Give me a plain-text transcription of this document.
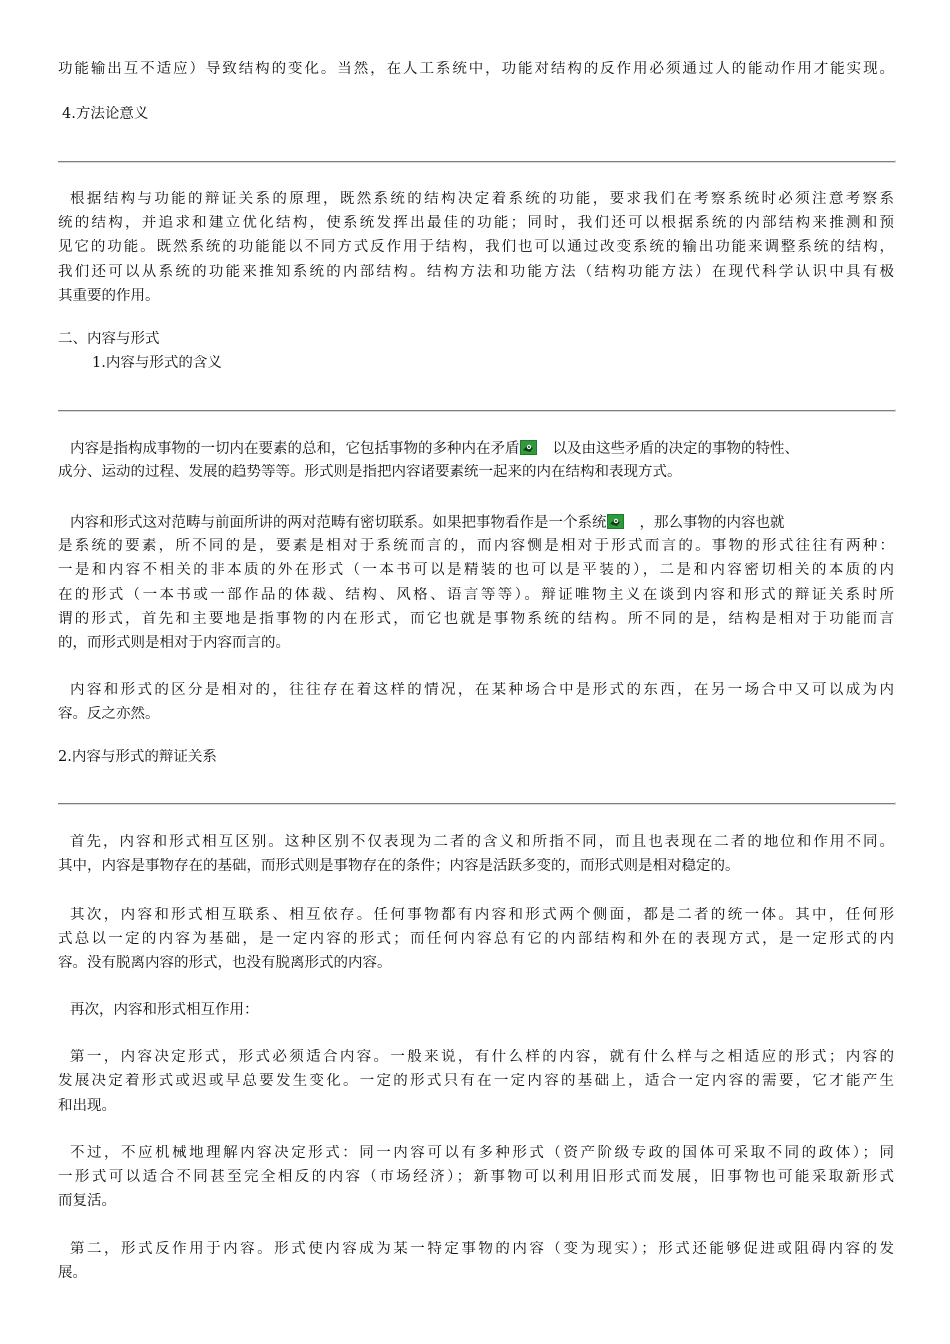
功能输出互不适应）导致结构的变化。当然，在人工系统中，功能对结构的反作用必须通过人的能动作用才能实现。
4.方法论意义
根据结构与功能的辩证关系的原理，既然系统的结构决定着系统的功能，要求我们在考察系统时必须注意考察系
统的结构，并追求和建立优化结构，使系统发挥出最佳的功能；同时，我们还可以根据系统的内部结构来推测和预
见它的功能。既然系统的功能能以不同方式反作用于结构，我们也可以通过改变系统的输出功能来调整系统的结构，
我们还可以从系统的功能来推知系统的内部结构。结构方法和功能方法（结构功能方法）在现代科学认识中具有极
其重要的作用。
二、内容与形式
1.内容与形式的含义
内容是指构成事物的一切内在要素的总和，它包括事物的多种内在矛盾 以及由这些矛盾的决定的事物的特性、
成分、运动的过程、发展的趋势等等。形式则是指把内容诸要素统一起来的内在结构和表现方式。
内容和形式这对范畴与前面所讲的两对范畴有密切联系。如果把事物看作是一个系统 ，那么事物的内容也就
是系统的要素，所不同的是，要素是相对于系统而言的，而内容恻是相对于形式而言的。事物的形式往往有两种：
一是和内容不相关的非本质的外在形式（一本书可以是精装的也可以是平装的），二是和内容密切相关的本质的内
在的形式（一本书或一部作品的体裁、结构、风格、语言等等）。辩证唯物主义在谈到内容和形式的辩证关系时所
谓的形式，首先和主要地是指事物的内在形式，而它也就是事物系统的结构。所不同的是，结构是相对于功能而言
的，而形式则是相对于内容而言的。
内容和形式的区分是相对的，往往存在着这样的情况，在某种场合中是形式的东西，在另一场合中又可以成为内
容。反之亦然。
2.内容与形式的辩证关系
首先，内容和形式相互区别。这种区别不仅表现为二者的含义和所指不同，而且也表现在二者的地位和作用不同。
其中，内容是事物存在的基础，而形式则是事物存在的条件；内容是活跃多变的，而形式则是相对稳定的。
其次，内容和形式相互联系、相互依存。任何事物都有内容和形式两个侧面，都是二者的统一体。其中，任何形
式总以一定的内容为基础，是一定内容的形式；而任何内容总有它的内部结构和外在的表现方式，是一定形式的内
容。没有脱离内容的形式，也没有脱离形式的内容。
再次，内容和形式相互作用：
第一，内容决定形式，形式必须适合内容。一般来说，有什么样的内容，就有什么样与之相适应的形式；内容的
发展决定着形式或迟或早总要发生变化。一定的形式只有在一定内容的基础上，适合一定内容的需要，它才能产生
和出现。
不过，不应机械地理解内容决定形式：同一内容可以有多种形式（资产阶级专政的国体可采取不同的政体）；同
一形式可以适合不同甚至完全相反的内容（市场经济）；新事物可以利用旧形式而发展，旧事物也可能采取新形式
而复活。
第二，形式反作用于内容。形式使内容成为某一特定事物的内容（变为现实）；形式还能够促进或阻碍内容的发
展。
